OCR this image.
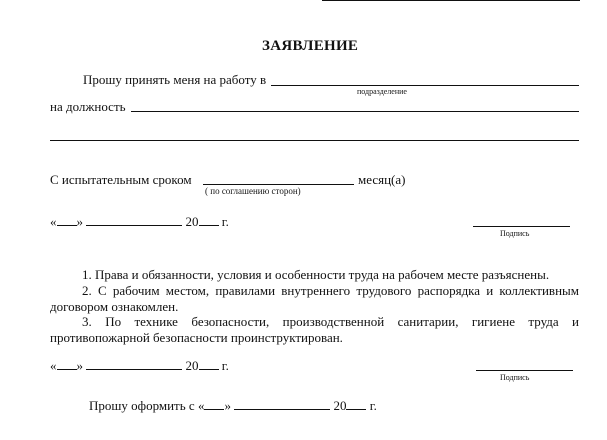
ЗАЯВЛЕНИЕ
Прошу принять меня на работу в
подразделение
на должность
С испытательным сроком	месяц(а)
( по соглашению сторон)
« »	20 г.
Подпись
1. Права и обязанности, условия и особенности труда на рабочем месте разъяснены.
2. С рабочим местом, правилами внутреннего трудового распорядка и коллективным договором ознакомлен.
3. По технике безопасности, производственной санитарии, гигиене труда и противопожарной безопасности проинструктирован.
« »	20 г.
Подпись
Прошу оформить с « »	20 г.
